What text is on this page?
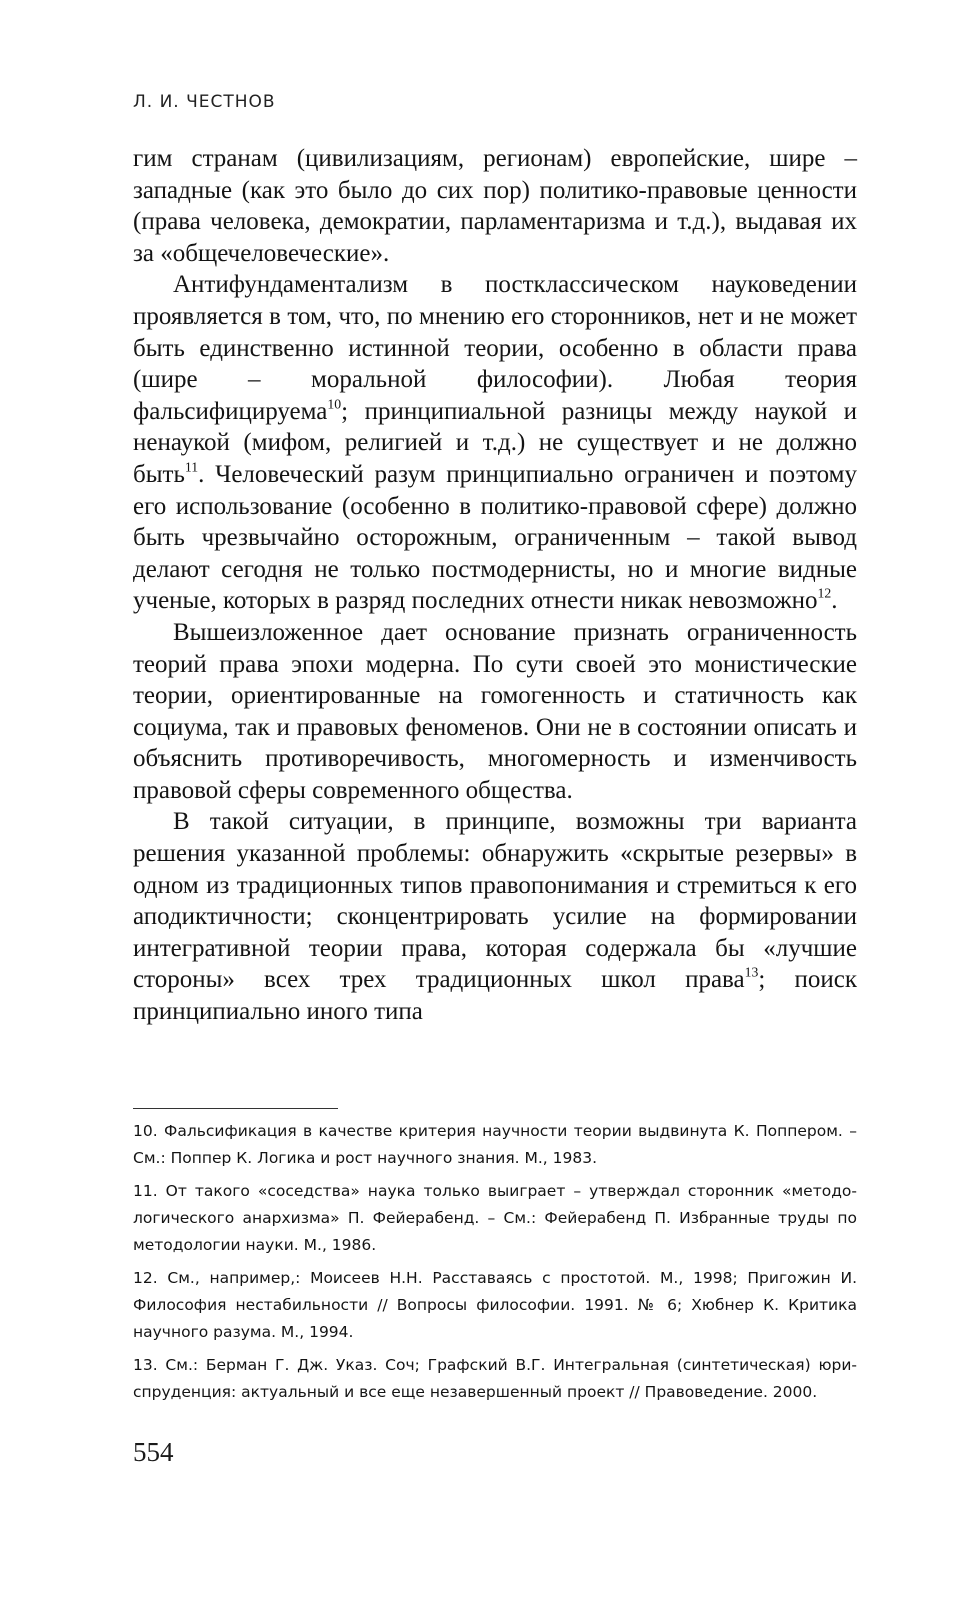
Л. И. ЧЕСТНОВ

гим странам (цивилизациям, регионам) европейские, шире – западные (как это было до сих пор) политико-правовые ценности (права человека, демократии, парламентаризма и т.д.), выдавая их за «общечеловеческие».

Антифундаментализм в постклассическом науковедении проявляется в том, что, по мнению его сторонников, нет и не может быть единственно истинной теории, особенно в области права (шире – моральной философии). Любая теория фальсифицируема$^{10}$; принципиальной разницы между наукой и ненаукой (мифом, религией и т.д.) не существует и не должно быть$^{11}$. Человеческий разум принципиально ограничен и поэтому его использование (особенно в политико-правовой сфере) должно быть чрезвычайно осторожным, ограниченным – такой вывод делают сегодня не только постмодернисты, но и многие видные ученые, которых в разряд последних отнести никак невозможно$^{12}$.

Вышеизложенное дает основание признать ограниченность теорий права эпохи модерна. По сути своей это монистические теории, ориентированные на гомогенность и статичность как социума, так и правовых феноменов. Они не в состоянии описать и объяснить противоречивость, многомерность и изменчивость правовой сферы современного общества.

В такой ситуации, в принципе, возможны три варианта решения указанной проблемы: обнаружить «скрытые резервы» в одном из традиционных типов правопонимания и стремиться к его аподиктичности; сконцентрировать усилие на формировании интегративной теории права, которая содержала бы «лучшие стороны» всех трех традиционных школ права$^{13}$; поиск принципиально иного типа

10. Фальсификация в качестве критерия научности теории выдвинута К. Поппером. – См.: Поппер К. Логика и рост научного знания. М., 1983.

11. От такого «соседства» наука только выиграет – утверждал сторонник «методологического анархизма» П. Фейерабенд. – См.: Фейерабенд П. Избранные труды по методологии науки. М., 1986.

12. См., например,: Моисеев Н.Н. Расставаясь с простотой. М., 1998; Пригожин И. Философия нестабильности // Вопросы философии. 1991. № 6; Хюбнер К. Критика научного разума. М., 1994.

13. См.: Берман Г. Дж. Указ. Соч; Графский В.Г. Интегральная (синтетическая) юриспруденция: актуальный и все еще незавершенный проект // Правоведение. 2000.

554
